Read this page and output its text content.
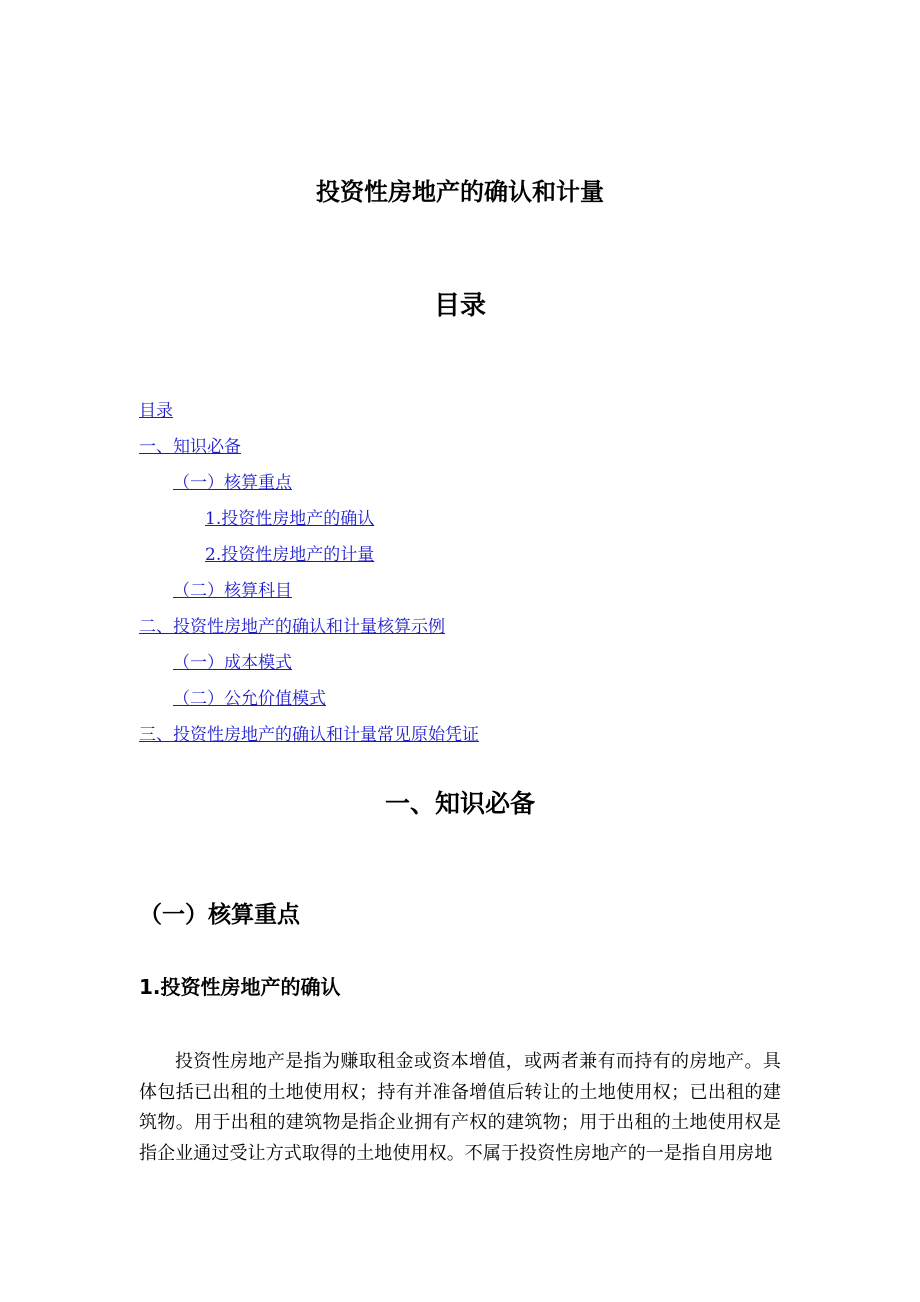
投资性房地产的确认和计量
目录
目录
一、知识必备
（一）核算重点
1.投资性房地产的确认
2.投资性房地产的计量
（二）核算科目
二、投资性房地产的确认和计量核算示例
（一）成本模式
（二）公允价值模式
三、投资性房地产的确认和计量常见原始凭证
一、知识必备
（一）核算重点
1.投资性房地产的确认

投资性房地产是指为赚取租金或资本增值，或两者兼有而持有的房地产。具体包括已出租的土地使用权；持有并准备增值后转让的土地使用权；已出租的建筑物。用于出租的建筑物是指企业拥有产权的建筑物；用于出租的土地使用权是指企业通过受让方式取得的土地使用权。不属于投资性房地产的一是指自用房地
